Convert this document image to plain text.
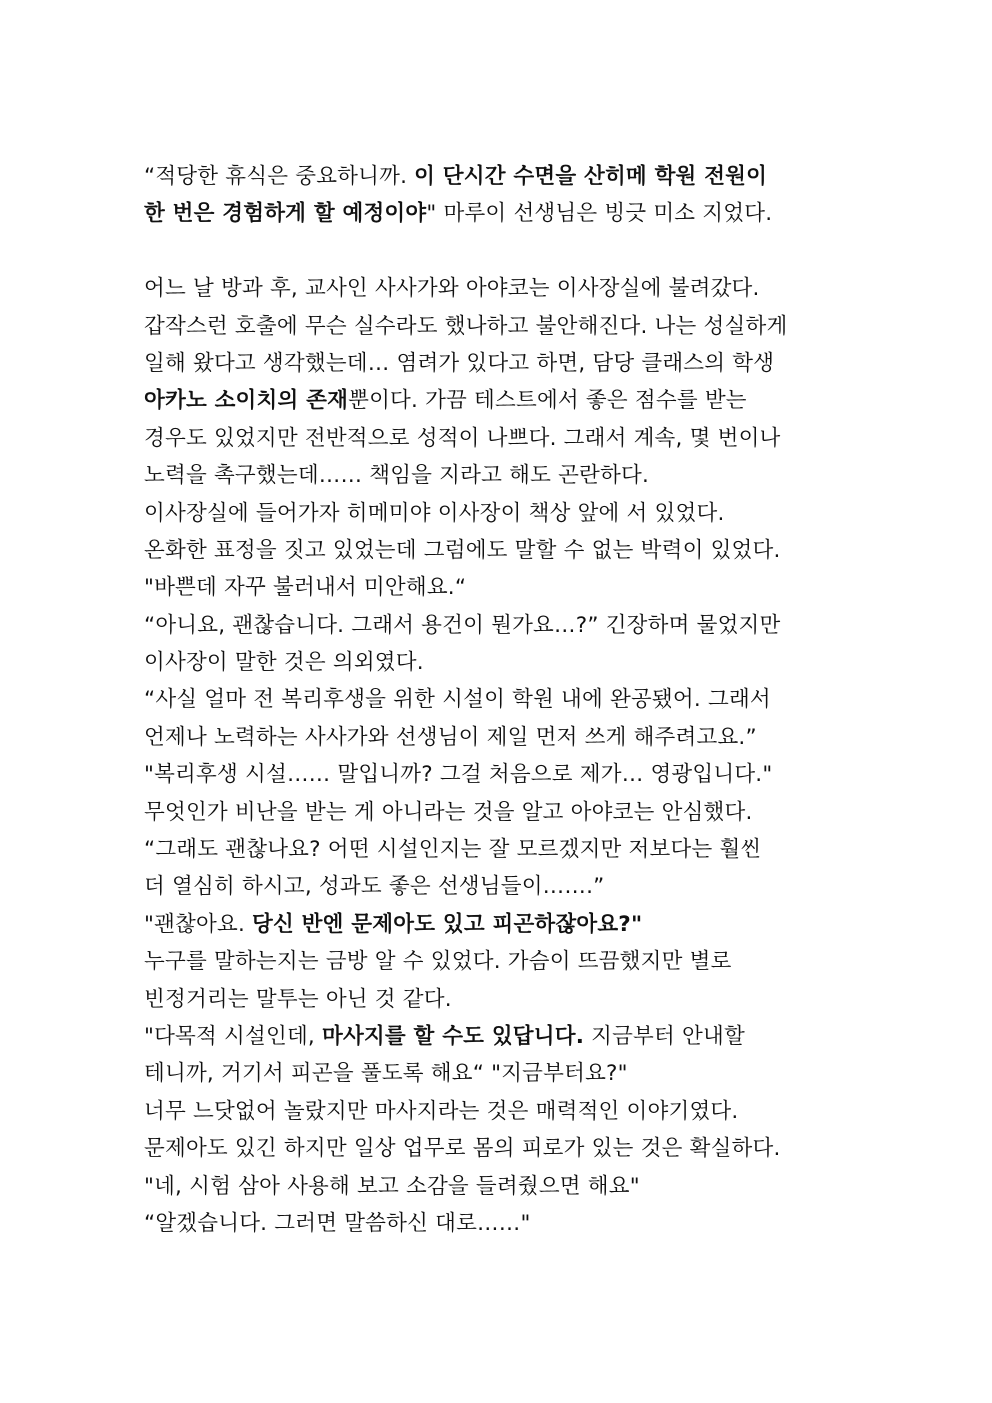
“적당한 휴식은 중요하니까. 이 단시간 수면을 산히메 학원 전원이
한 번은 경험하게 할 예정이야" 마루이 선생님은 빙긋 미소 지었다.
어느 날 방과 후, 교사인 사사가와 아야코는 이사장실에 불려갔다.
갑작스런 호출에 무슨 실수라도 했나하고 불안해진다. 나는 성실하게
일해 왔다고 생각했는데… 염려가 있다고 하면, 담당 클래스의 학생
아카노 소이치의 존재뿐이다. 가끔 테스트에서 좋은 점수를 받는
경우도 있었지만 전반적으로 성적이 나쁘다. 그래서 계속, 몇 번이나
노력을 촉구했는데…… 책임을 지라고 해도 곤란하다.
이사장실에 들어가자 히메미야 이사장이 책상 앞에 서 있었다.
온화한 표정을 짓고 있었는데 그럼에도 말할 수 없는 박력이 있었다.
"바쁜데 자꾸 불러내서 미안해요.“
“아니요, 괜찮습니다. 그래서 용건이 뭔가요…?” 긴장하며 물었지만
이사장이 말한 것은 의외였다.
“사실 얼마 전 복리후생을 위한 시설이 학원 내에 완공됐어. 그래서
언제나 노력하는 사사가와 선생님이 제일 먼저 쓰게 해주려고요.”
"복리후생 시설…… 말입니까? 그걸 처음으로 제가… 영광입니다."
무엇인가 비난을 받는 게 아니라는 것을 알고 아야코는 안심했다.
“그래도 괜찮나요? 어떤 시설인지는 잘 모르겠지만 저보다는 훨씬
더 열심히 하시고, 성과도 좋은 선생님들이…….”
"괜찮아요. 당신 반엔 문제아도 있고 피곤하잖아요?"
누구를 말하는지는 금방 알 수 있었다. 가슴이 뜨끔했지만 별로
빈정거리는 말투는 아닌 것 같다.
"다목적 시설인데, 마사지를 할 수도 있답니다. 지금부터 안내할
테니까, 거기서 피곤을 풀도록 해요“ "지금부터요?"
너무 느닷없어 놀랐지만 마사지라는 것은 매력적인 이야기였다.
문제아도 있긴 하지만 일상 업무로 몸의 피로가 있는 것은 확실하다.
"네, 시험 삼아 사용해 보고 소감을 들려줬으면 해요"
“알겠습니다. 그러면 말씀하신 대로……"
